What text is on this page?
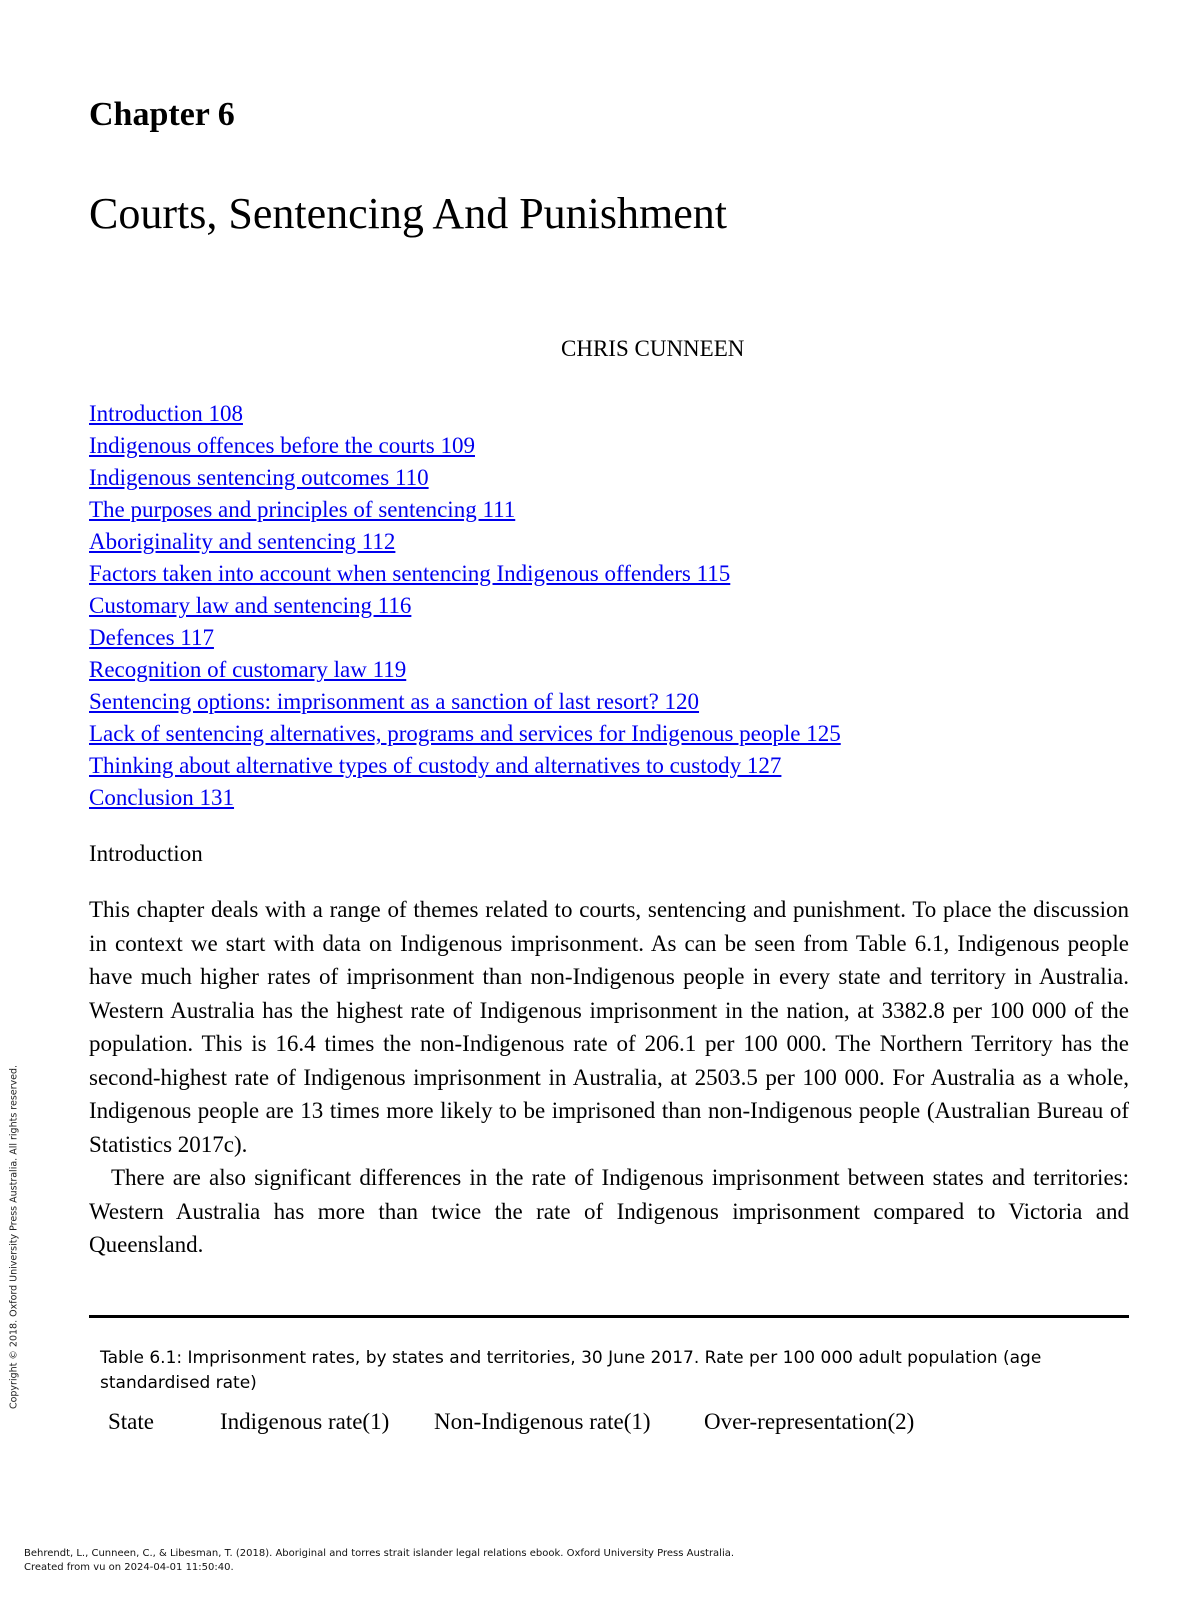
Chapter 6
Courts, Sentencing And Punishment

CHRIS CUNNEEN

Introduction 108
Indigenous offences before the courts 109
Indigenous sentencing outcomes 110
The purposes and principles of sentencing 111
Aboriginality and sentencing 112
Factors taken into account when sentencing Indigenous offenders 115
Customary law and sentencing 116
Defences 117
Recognition of customary law 119
Sentencing options: imprisonment as a sanction of last resort? 120
Lack of sentencing alternatives, programs and services for Indigenous people 125
Thinking about alternative types of custody and alternatives to custody 127
Conclusion 131
Introduction

This chapter deals with a range of themes related to courts, sentencing and punishment. To place the discussion in context we start with data on Indigenous imprisonment. As can be seen from Table 6.1, Indigenous people have much higher rates of imprisonment than non-Indigenous people in every state and territory in Australia. Western Australia has the highest rate of Indigenous imprisonment in the nation, at 3382.8 per 100 000 of the population. This is 16.4 times the non-Indigenous rate of 206.1 per 100 000. The Northern Territory has the second-highest rate of Indigenous imprisonment in Australia, at 2503.5 per 100 000. For Australia as a whole, Indigenous people are 13 times more likely to be imprisoned than non-Indigenous people (Australian Bureau of Statistics 2017c).

There are also significant differences in the rate of Indigenous imprisonment between states and territories: Western Australia has more than twice the rate of Indigenous imprisonment compared to Victoria and Queensland.

Table 6.1: Imprisonment rates, by states and territories, 30 June 2017. Rate per 100 000 adult population (age standardised rate)
State	Indigenous rate(1) Non-Indigenous rate(1) Over-representation(2)
Copyright © 2018. Oxford University Press Australia. All rights reserved.
Behrendt, L., Cunneen, C., & Libesman, T. (2018). Aboriginal and torres strait islander legal relations ebook. Oxford University Press Australia.
Created from vu on 2024-04-01 11:50:40.
